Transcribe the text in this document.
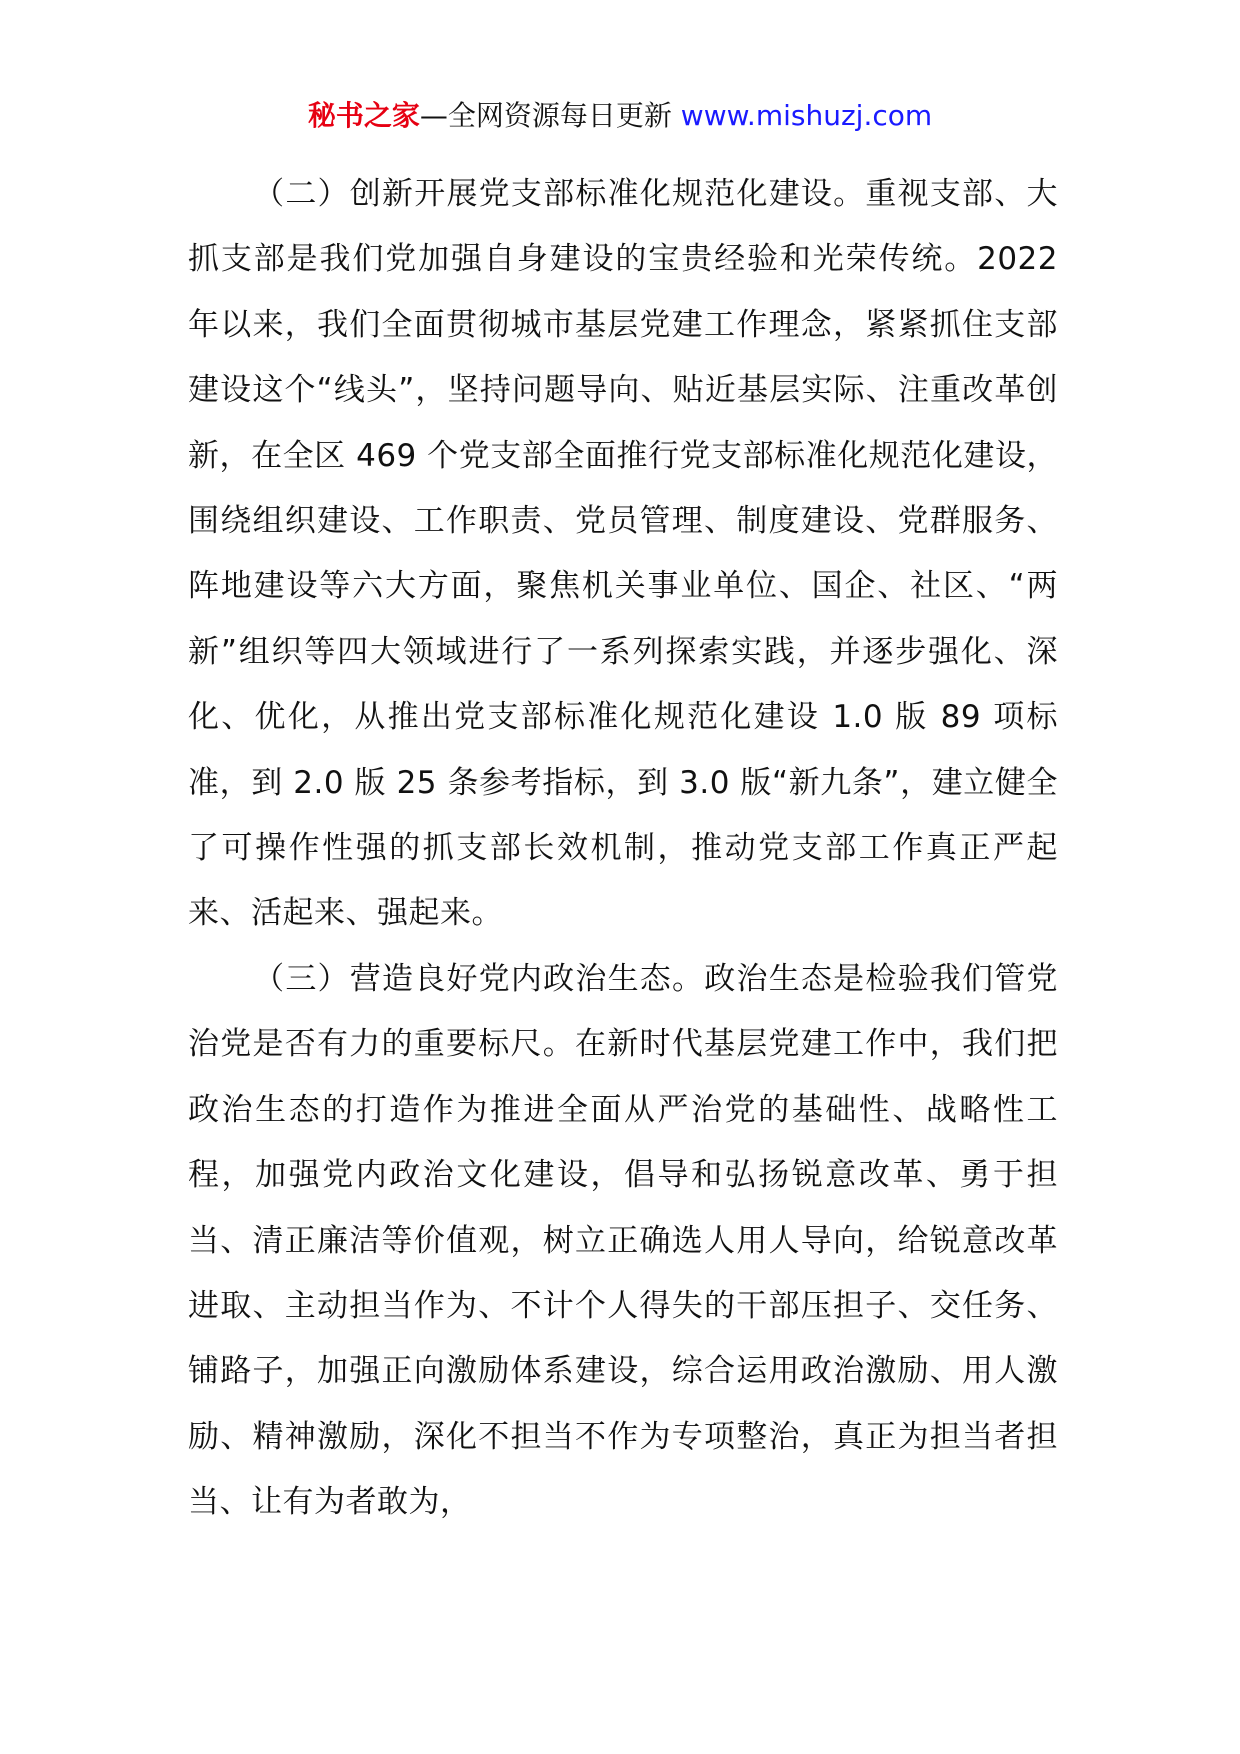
秘书之家—全网资源每日更新 www.mishuzj.com

（二）创新开展党支部标准化规范化建设。重视支部、大抓支部是我们党加强自身建设的宝贵经验和光荣传统。2022 年以来，我们全面贯彻城市基层党建工作理念，紧紧抓住支部建设这个“线头”，坚持问题导向、贴近基层实际、注重改革创新，在全区 469 个党支部全面推行党支部标准化规范化建设，围绕组织建设、工作职责、党员管理、制度建设、党群服务、阵地建设等六大方面，聚焦机关事业单位、国企、社区、“两新”组织等四大领域进行了一系列探索实践，并逐步强化、深化、优化，从推出党支部标准化规范化建设 1.0 版 89 项标准，到 2.0 版 25 条参考指标，到 3.0 版“新九条”，建立健全了可操作性强的抓支部长效机制，推动党支部工作真正严起来、活起来、强起来。

（三）营造良好党内政治生态。政治生态是检验我们管党治党是否有力的重要标尺。在新时代基层党建工作中，我们把政治生态的打造作为推进全面从严治党的基础性、战略性工程，加强党内政治文化建设，倡导和弘扬锐意改革、勇于担当、清正廉洁等价值观，树立正确选人用人导向，给锐意改革进取、主动担当作为、不计个人得失的干部压担子、交任务、铺路子，加强正向激励体系建设，综合运用政治激励、用人激励、精神激励，深化不担当不作为专项整治，真正为担当者担当、让有为者敢为，
